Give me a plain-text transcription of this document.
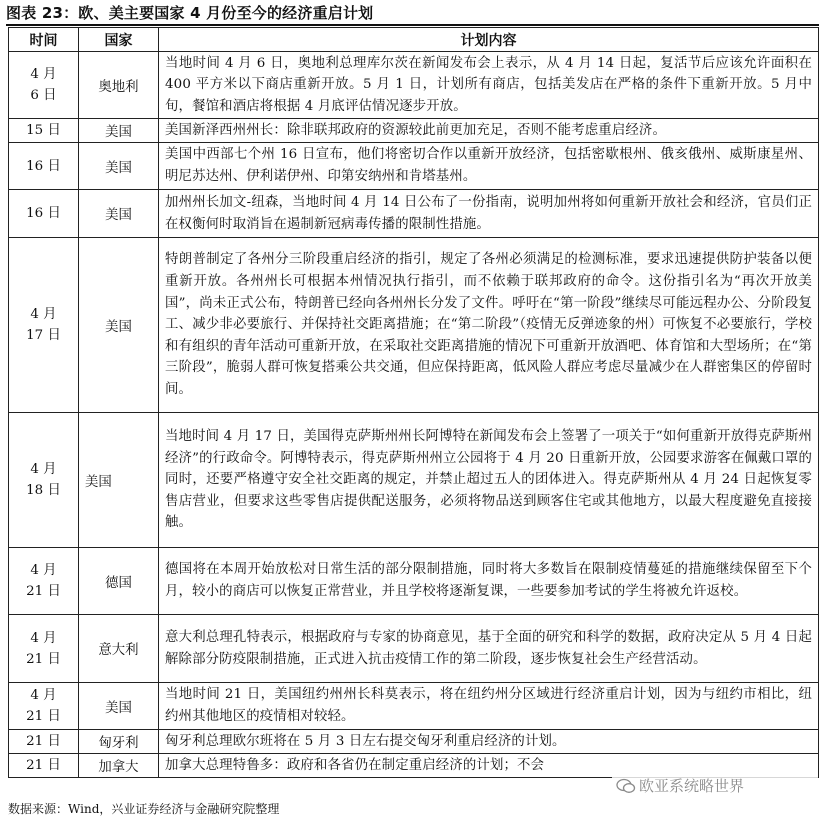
图表 23：欧、美主要国家 4 月份至今的经济重启计划
时间	国家	计划内容
4 月
6 日	奥地利	当地时间 4 月 6 日，奥地利总理库尔茨在新闻发布会上表示，从 4 月 14 日起，复活节后应该允许面积在 400 平方米以下商店重新开放。5 月 1 日，计划所有商店，包括美发店在严格的条件下重新开放。5 月中旬，餐馆和酒店将根据 4 月底评估情况逐步开放。
15 日	美国	美国新泽西州州长：除非联邦政府的资源较此前更加充足，否则不能考虑重启经济。
16 日	美国	美国中西部七个州 16 日宣布，他们将密切合作以重新开放经济，包括密歇根州、俄亥俄州、威斯康星州、明尼苏达州、伊利诺伊州、印第安纳州和肯塔基州。
16 日	美国	加州州长加文-纽森，当地时间 4 月 14 日公布了一份指南，说明加州将如何重新开放社会和经济，官员们正在权衡何时取消旨在遏制新冠病毒传播的限制性措施。
4 月
17 日	美国	特朗普制定了各州分三阶段重启经济的指引，规定了各州必须满足的检测标准，要求迅速提供防护装备以便重新开放。各州州长可根据本州情况执行指引，而不依赖于联邦政府的命令。这份指引名为“再次开放美国”，尚未正式公布，特朗普已经向各州州长分发了文件。呼吁在“第一阶段”继续尽可能远程办公、分阶段复工、减少非必要旅行、并保持社交距离措施；在“第二阶段”（疫情无反弹迹象的州）可恢复不必要旅行，学校和有组织的青年活动可重新开放，在采取社交距离措施的情况下可重新开放酒吧、体育馆和大型场所；在“第三阶段”，脆弱人群可恢复搭乘公共交通，但应保持距离，低风险人群应考虑尽量减少在人群密集区的停留时间。
4 月
18 日	美国	当地时间 4 月 17 日，美国得克萨斯州州长阿博特在新闻发布会上签署了一项关于“如何重新开放得克萨斯州经济”的行政命令。阿博特表示，得克萨斯州州立公园将于 4 月 20 日重新开放，公园要求游客在佩戴口罩的同时，还要严格遵守安全社交距离的规定，并禁止超过五人的团体进入。得克萨斯州从 4 月 24 日起恢复零售店营业，但要求这些零售店提供配送服务，必须将物品送到顾客住宅或其他地方，以最大程度避免直接接触。
4 月
21 日	德国	德国将在本周开始放松对日常生活的部分限制措施，同时将大多数旨在限制疫情蔓延的措施继续保留至下个月，较小的商店可以恢复正常营业，并且学校将逐渐复课，一些要参加考试的学生将被允许返校。
4 月
21 日	意大利	意大利总理孔特表示，根据政府与专家的协商意见，基于全面的研究和科学的数据，政府决定从 5 月 4 日起解除部分防疫限制措施，正式进入抗击疫情工作的第二阶段，逐步恢复社会生产经营活动。
4 月
21 日	美国	当地时间 21 日，美国纽约州州长科莫表示，将在纽约州分区域进行经济重启计划，因为与纽约市相比，纽约州其他地区的疫情相对较轻。
21 日	匈牙利	匈牙利总理欧尔班将在 5 月 3 日左右提交匈牙利重启经济的计划。
21 日	加拿大	加拿大总理特鲁多：政府和各省仍在制定重启经济的计划；不会
欧亚系统略世界
数据来源：Wind，兴业证券经济与金融研究院整理
